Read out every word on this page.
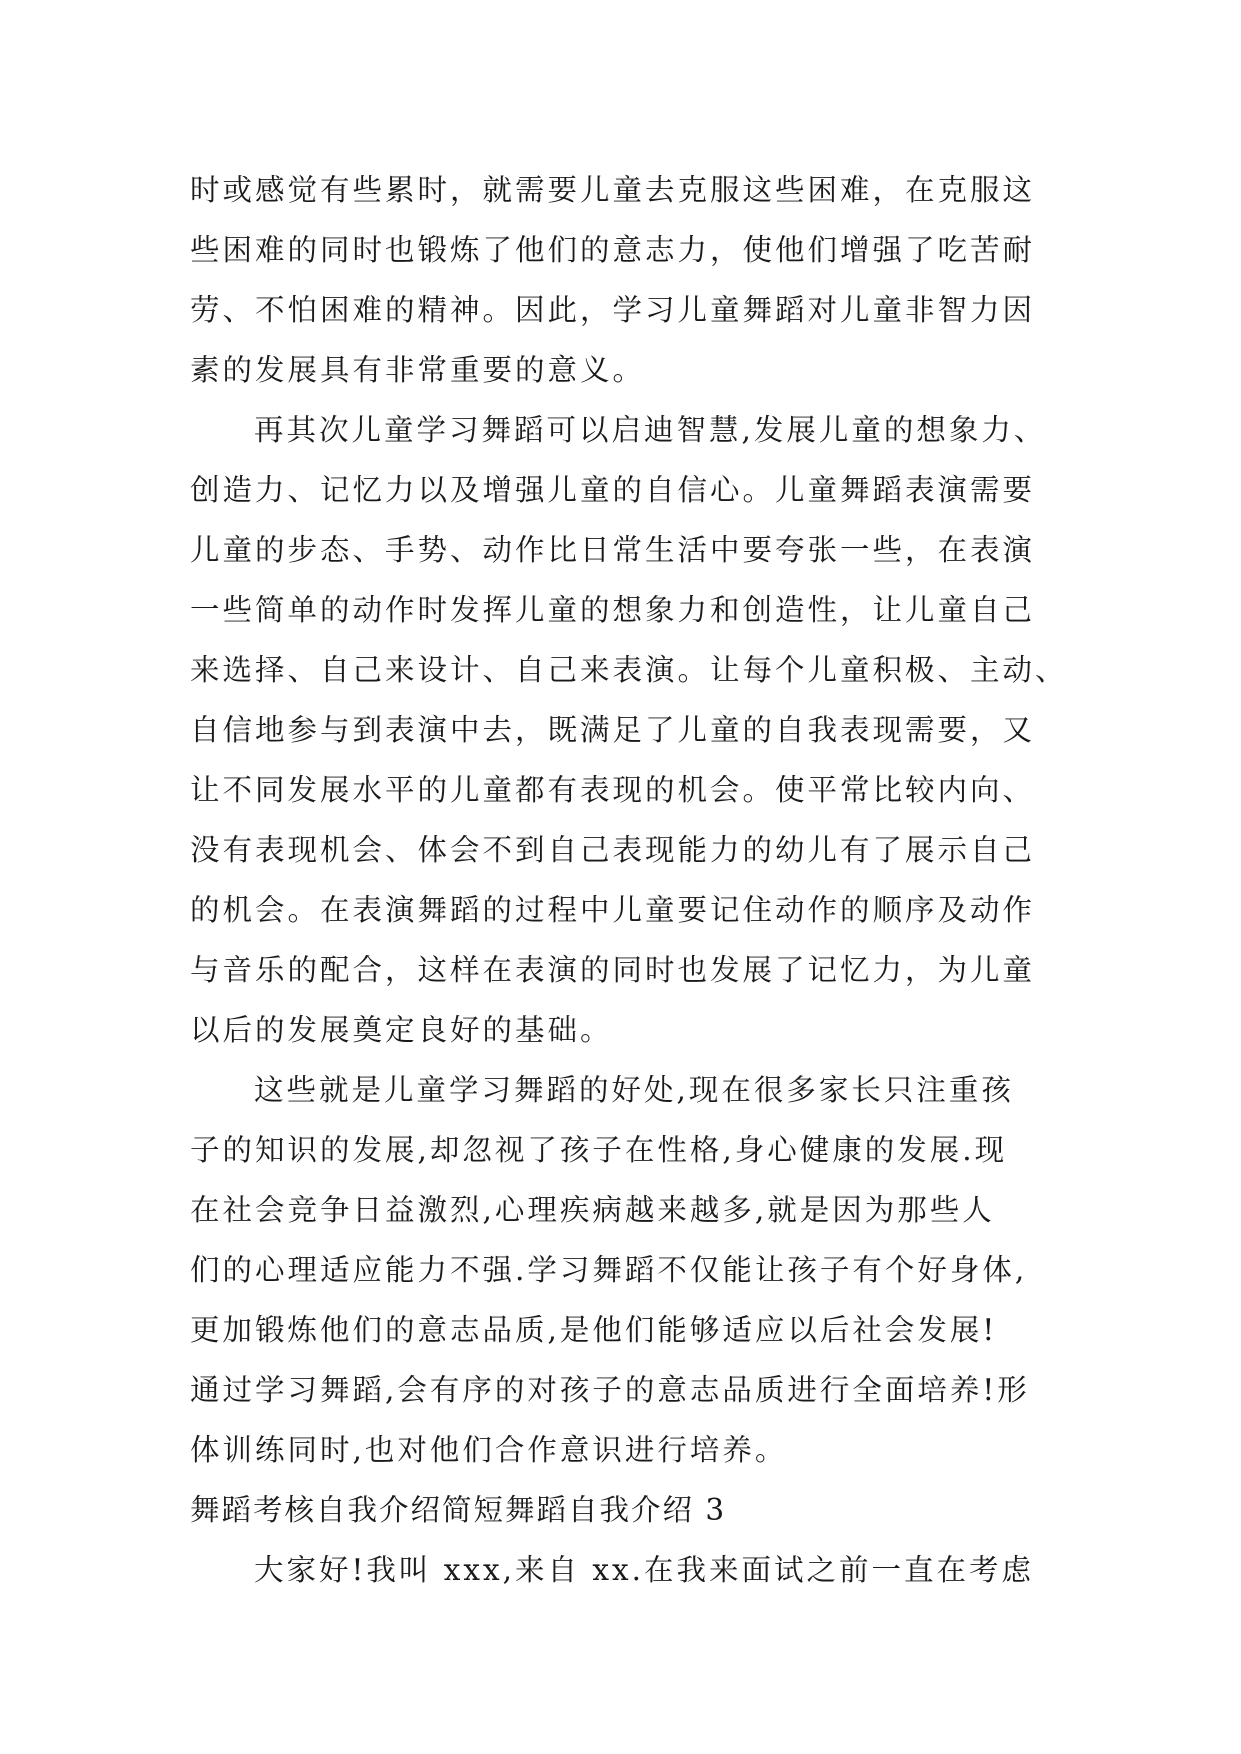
时或感觉有些累时，就需要儿童去克服这些困难，在克服这
些困难的同时也锻炼了他们的意志力，使他们增强了吃苦耐
劳、不怕困难的精神。因此，学习儿童舞蹈对儿童非智力因
素的发展具有非常重要的意义。
再其次儿童学习舞蹈可以启迪智慧,发展儿童的想象力、
创造力、记忆力以及增强儿童的自信心。儿童舞蹈表演需要
儿童的步态、手势、动作比日常生活中要夸张一些，在表演
一些简单的动作时发挥儿童的想象力和创造性，让儿童自己
来选择、自己来设计、自己来表演。让每个儿童积极、主动、
自信地参与到表演中去，既满足了儿童的自我表现需要，又
让不同发展水平的儿童都有表现的机会。使平常比较内向、
没有表现机会、体会不到自己表现能力的幼儿有了展示自己
的机会。在表演舞蹈的过程中儿童要记住动作的顺序及动作
与音乐的配合，这样在表演的同时也发展了记忆力，为儿童
以后的发展奠定良好的基础。
这些就是儿童学习舞蹈的好处,现在很多家长只注重孩
子的知识的发展,却忽视了孩子在性格,身心健康的发展.现
在社会竞争日益激烈,心理疾病越来越多,就是因为那些人
们的心理适应能力不强.学习舞蹈不仅能让孩子有个好身体,
更加锻炼他们的意志品质,是他们能够适应以后社会发展!
通过学习舞蹈,会有序的对孩子的意志品质进行全面培养!形
体训练同时,也对他们合作意识进行培养。
舞蹈考核自我介绍简短舞蹈自我介绍 3
大家好!我叫 xxx,来自 xx.在我来面试之前一直在考虑
